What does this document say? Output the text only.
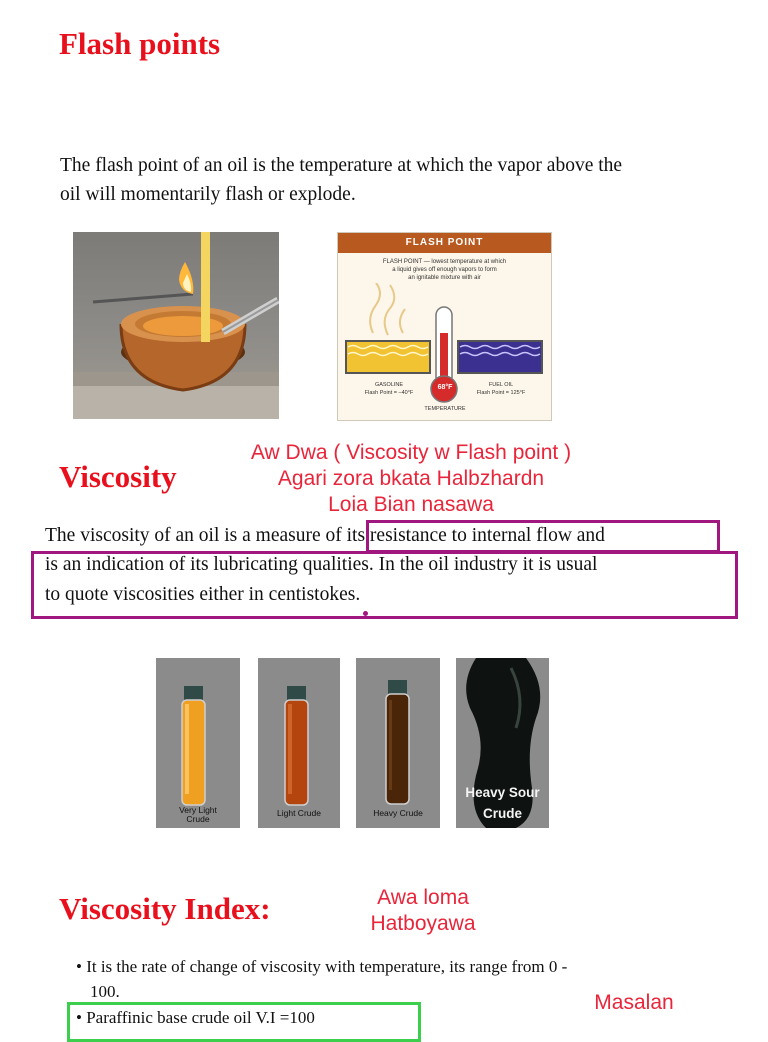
Flash points
The flash point of an oil is the temperature at which the vapor above the
oil will momentarily flash or explode.
FLASH POINT
FLASH POINT — lowest temperature at which
a liquid gives off enough vapors to form
an ignitable mixture with air
68°F
GASOLINE
Flash Point = –40°F
FUEL OIL
Flash Point = 125°F
TEMPERATURE
Aw Dwa ( Viscosity w Flash point )
Agari zora bkata Halbzhardn
Loia Bian nasawa
Viscosity
The viscosity of an oil is a measure of its resistance to internal flow and
is an indication of its lubricating qualities. In the oil industry it is usual
to quote viscosities either in centistokes.
Very Light
Crude
Light Crude	Heavy Crude
Heavy Sour
Crude
Viscosity Index:	Awa loma
Hatboyawa
• It is the rate of change of viscosity with temperature, its range from 0 -
100.
• Paraffinic base crude oil V.I =100
Masalan
